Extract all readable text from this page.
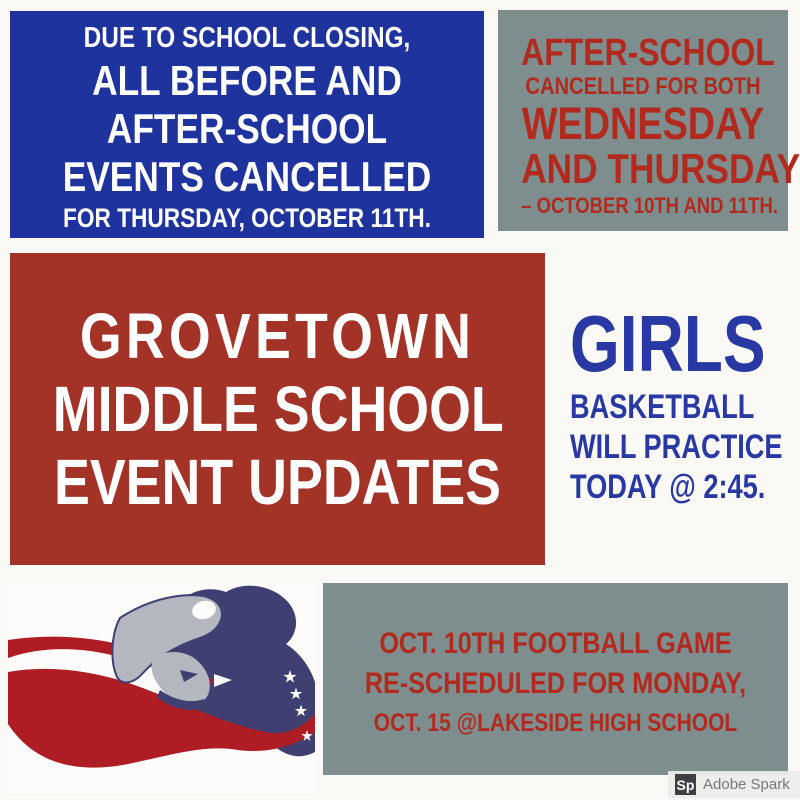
DUE TO SCHOOL CLOSING,

ALL BEFORE AND

AFTER-SCHOOL

EVENTS CANCELLED

FOR THURSDAY, OCTOBER 11TH.

AFTER-SCHOOL

CANCELLED FOR BOTH

WEDNESDAY

AND THURSDAY

– OCTOBER 10TH AND 11TH.

GROVETOWN

MIDDLE SCHOOL

EVENT UPDATES

GIRLS

BASKETBALL

WILL PRACTICE

TODAY @ 2:45.

OCT. 10TH FOOTBALL GAME

RE-SCHEDULED FOR MONDAY,

OCT. 15 @LAKESIDE HIGH SCHOOL

Sp Adobe Spark
